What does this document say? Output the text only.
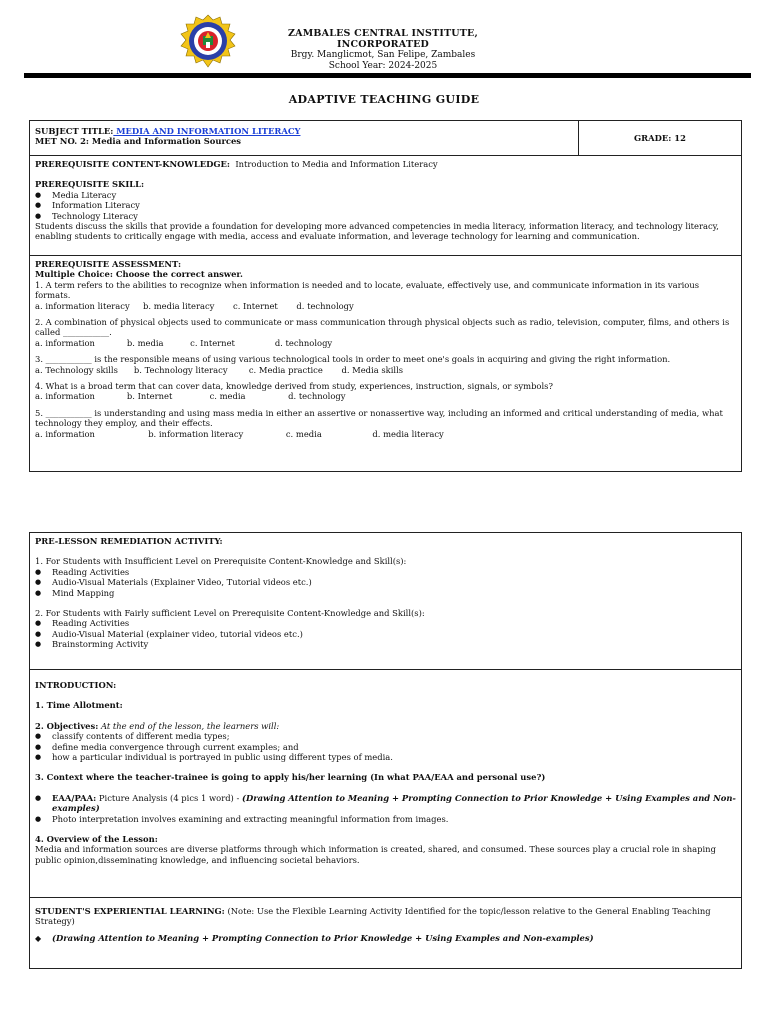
ZAMBALES CENTRAL INSTITUTE, INCORPORATED
Brgy. Manglicmot, San Felipe, Zambales
School Year: 2024-2025
ADAPTIVE TEACHING GUIDE
SUBJECT TITLE: MEDIA AND INFORMATION LITERACY
MET NO. 2: Media and Information Sources	GRADE: 12
PREREQUISITE CONTENT-KNOWLEDGE: Introduction to Media and Information Literacy
PREREQUISITE SKILL:
● Media Literacy
● Information Literacy
● Technology Literacy
Students discuss the skills that provide a foundation for developing more advanced competencies in media literacy, information literacy, and technology literacy, enabling students to critically engage with media, access and evaluate information, and leverage technology for learning and communication.
PREREQUISITE ASSESSMENT:
Multiple Choice: Choose the correct answer.
1. A term refers to the abilities to recognize when information is needed and to locate, evaluate, effectively use, and communicate information in its various formats.
a. information literacy     b. media literacy       c. Internet       d. technology
2. A combination of physical objects used to communicate or mass communication through physical objects such as radio, television, computer, films, and others is called ___________.
a. information            b. media          c. Internet               d. technology
3. ___________ is the responsible means of using various technological tools in order to meet one's goals in acquiring and giving the right information.
a. Technology skills      b. Technology literacy        c. Media practice       d. Media skills
4. What is a broad term that can cover data, knowledge derived from study, experiences, instruction, signals, or symbols?
a. information            b. Internet              c. media                d. technology
5. ___________ is understanding and using mass media in either an assertive or nonassertive way, including an informed and critical understanding of media, what technology they employ, and their effects.
a. information                    b. information literacy                c. media                   d. media literacy
PRE-LESSON REMEDIATION ACTIVITY:
1. For Students with Insufficient Level on Prerequisite Content-Knowledge and Skill(s):
● Reading Activities
● Audio-Visual Materials (Explainer Video, Tutorial videos etc.)
● Mind Mapping
2. For Students with Fairly sufficient Level on Prerequisite Content-Knowledge and Skill(s):
● Reading Activities
● Audio-Visual Material (explainer video, tutorial videos etc.)
● Brainstorming Activity
INTRODUCTION:
1. Time Allotment:
2. Objectives: At the end of the lesson, the learners will:
● classify contents of different media types;
● define media convergence through current examples; and
● how a particular individual is portrayed in public using different types of media.
3. Context where the teacher-trainee is going to apply his/her learning (In what PAA/EAA and personal use?)
● EAA/PAA: Picture Analysis (4 pics 1 word) - (Drawing Attention to Meaning + Prompting Connection to Prior Knowledge + Using Examples and Non-examples)
● Photo interpretation involves examining and extracting meaningful information from images.
4. Overview of the Lesson:
Media and information sources are diverse platforms through which information is created, shared, and consumed. These sources play a crucial role in shaping public opinion,disseminating knowledge, and influencing societal behaviors.
STUDENT'S EXPERIENTIAL LEARNING: (Note: Use the Flexible Learning Activity Identified for the topic/lesson relative to the General Enabling Teaching Strategy)
◆ (Drawing Attention to Meaning + Prompting Connection to Prior Knowledge + Using Examples and Non-examples)
